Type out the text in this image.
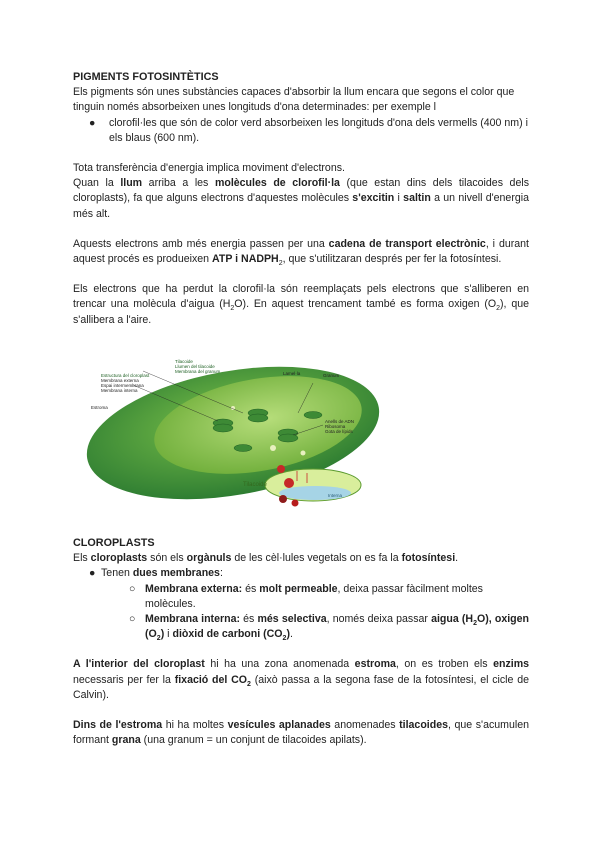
PIGMENTS FOTOSINTÈTICS

Els pigments són unes substàncies capaces d'absorbir la llum encara que segons el color que tinguin només absorbeixen unes longituds d'ona determinades: per exemple l

● clorofil·les que són de color verd absorbeixen les longituds d'ona dels vermells (400 nm) i els blaus (600 nm).

Tota transferència d'energia implica moviment d'electrons.

Quan la llum arriba a les molècules de clorofil·la (que estan dins dels tilacoides dels cloroplasts), fa que alguns electrons d'aquestes molècules s'excitin i saltin a un nivell d'energia més alt.

Aquests electrons amb més energia passen per una cadena de transport electrònic, i durant aquest procés es produeixen ATP i $NADPH_2$, que s'utilitzaran després per fer la fotosíntesi.

Els electrons que ha perdut la clorofil·la són reemplaçats pels electrons que s'alliberen en trencar una molècula d'aigua $(H_2O)$. En aquest trencament també es forma oxigen $(O_2)$, que s'allibera a l'aire.

Tilacoide
Llumen del tilacoide
Membrana del granum
Estructura del cloroplast
Membrana externa
Espai intermembrana
Membrana interna
Estroma
Lamel·la	Granum
Anells de ADN
Ribosoma
Gota de lípids
Tilacoide
Interna

CLOROPLASTS

Els cloroplasts són els orgànuls de les cèl·lules vegetals on es fa la fotosíntesi.

● Tenen dues membranes:
○ Membrana externa: és molt permeable, deixa passar fàcilment moltes molècules.
○ Membrana interna: és més selectiva, només deixa passar aigua $(H_2O)$, oxigen $(O_2)$ i diòxid de carboni $(CO_2)$.

A l'interior del cloroplast hi ha una zona anomenada estroma, on es troben els enzims necessaris per fer la fixació del $CO_2$ (això passa a la segona fase de la fotosíntesi, el cicle de Calvin).

Dins de l'estroma hi ha moltes vesícules aplanades anomenades tilacoides, que s'acumulen formant grana (una granum = un conjunt de tilacoides apilats).
